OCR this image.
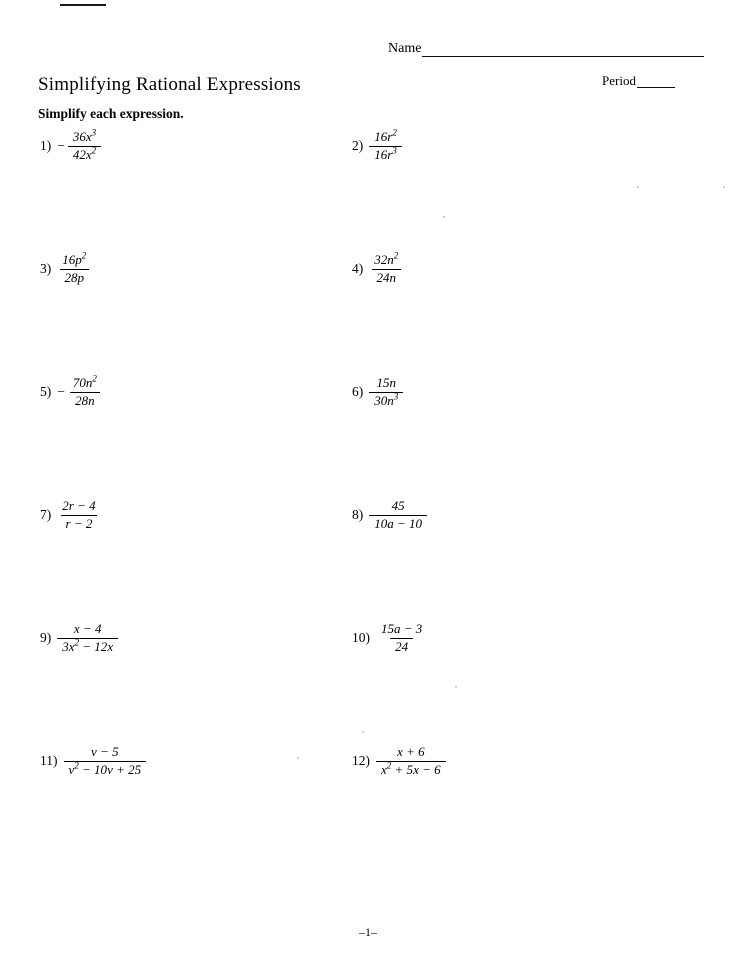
Name
Period
Simplifying Rational Expressions
Simplify each expression.
$1) - \frac{36x^3}{42x^2}$	$2) \frac{16r^2}{16r^3}$
$3) \frac{16p^2}{28p}$	$4) \frac{32n^2}{24n}$
$5) - \frac{70n^2}{28n}$	$6) \frac{15n}{30n^3}$
$7) \frac{2r - 4}{r - 2}$	$8) \frac{45}{10a - 10}$
$9) \frac{x - 4}{3x^2 - 12x}$	$10) \frac{15a - 3}{24}$
$11) \frac{v - 5}{v^2 - 10v + 25}$	$12) \frac{x + 6}{x^2 + 5x - 6}$
–1–
